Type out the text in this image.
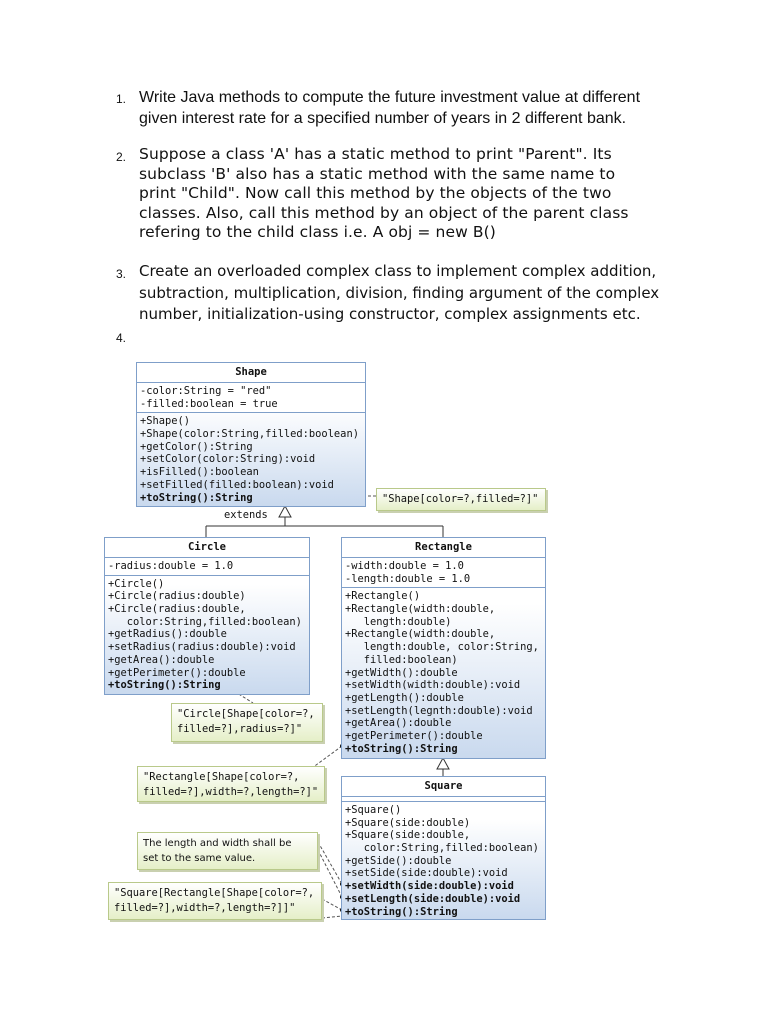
1. Write Java methods to compute the future investment value at different
given interest rate for a specified number of years in 2 different bank.
2. Suppose a class 'A' has a static method to print "Parent". Its
subclass 'B' also has a static method with the same name to
print "Child". Now call this method by the objects of the two
classes. Also, call this method by an object of the parent class
refering to the child class i.e. A obj = new B()
3. Create an overloaded complex class to implement complex addition,
subtraction, multiplication, division, finding argument of the complex
number, initialization-using constructor, complex assignments etc.
4.
extends
Shape
-color:String = "red"
-filled:boolean = true
+Shape()
+Shape(color:String,filled:boolean)
+getColor():String
+setColor(color:String):void
+isFilled():boolean
+setFilled(filled:boolean):void
+toString():String
Circle
-radius:double = 1.0
+Circle()
+Circle(radius:double)
+Circle(radius:double,
color:String,filled:boolean)
+getRadius():double
+setRadius(radius:double):void
+getArea():double
+getPerimeter():double
+toString():String
Rectangle
-width:double = 1.0
-length:double = 1.0
+Rectangle()
+Rectangle(width:double,
length:double)
+Rectangle(width:double,
length:double, color:String,
filled:boolean)
+getWidth():double
+setWidth(width:double):void
+getLength():double
+setLength(legnth:double):void
+getArea():double
+getPerimeter():double
+toString():String
Square
+Square()
+Square(side:double)
+Square(side:double,
color:String,filled:boolean)
+getSide():double
+setSide(side:double):void
+setWidth(side:double):void
+setLength(side:double):void
+toString():String
"Shape[color=?,filled=?]"
"Circle[Shape[color=?,
filled=?],radius=?]"
"Rectangle[Shape[color=?,
filled=?],width=?,length=?]"
The length and width shall be
set to the same value.
"Square[Rectangle[Shape[color=?,
filled=?],width=?,length=?]]"
